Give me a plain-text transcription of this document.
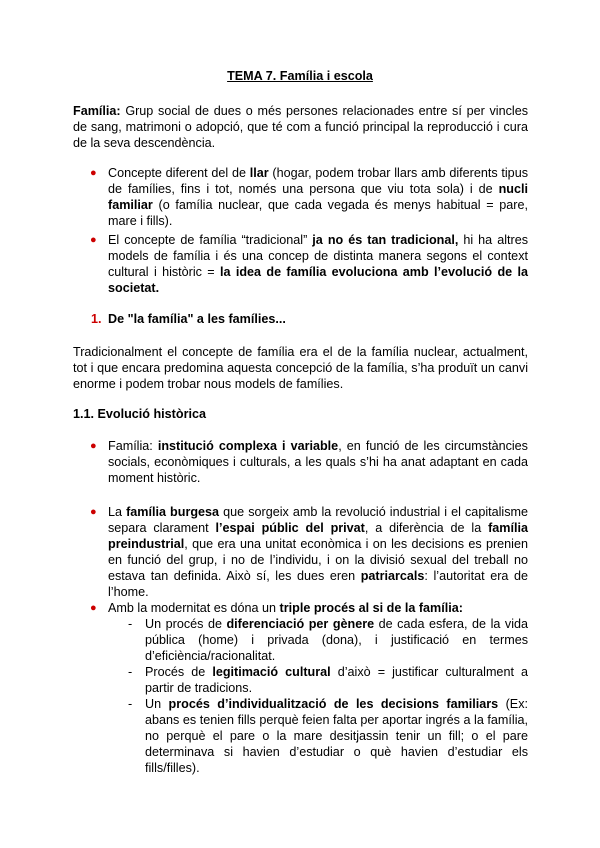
TEMA 7. Família i escola
Família: Grup social de dues o més persones relacionades entre sí per vincles de sang, matrimoni o adopció, que té com a funció principal la reproducció i cura de la seva descendència.
● Concepte diferent del de llar (hogar, podem trobar llars amb diferents tipus de famílies, fins i tot, només una persona que viu tota sola) i de nucli familiar (o família nuclear, que cada vegada és menys habitual = pare, mare i fills).
● El concepte de família “tradicional” ja no és tan tradicional, hi ha altres models de família i és una concep de distinta manera segons el context cultural i històric = la idea de família evoluciona amb l’evolució de la societat.
1. De "la família" a les famílies...
Tradicionalment el concepte de família era el de la família nuclear, actualment, tot i que encara predomina aquesta concepció de la família, s’ha produït un canvi enorme i podem trobar nous models de famílies.
1.1. Evolució històrica
● Família: institució complexa i variable, en funció de les circumstàncies socials, econòmiques i culturals, a les quals s’hi ha anat adaptant en cada moment històric.
● La família burgesa que sorgeix amb la revolució industrial i el capitalisme separa clarament l’espai públic del privat, a diferència de la família preindustrial, que era una unitat econòmica i on les decisions es prenien en funció del grup, i no de l’individu, i on la divisió sexual del treball no estava tan definida. Això sí, les dues eren patriarcals: l’autoritat era de l’home.
● Amb la modernitat es dóna un triple procés al si de la família:
- Un procés de diferenciació per gènere de cada esfera, de la vida pública (home) i privada (dona), i justificació en termes d’eficiència/racionalitat.
- Procés de legitimació cultural d’això = justificar culturalment a partir de tradicions.
- Un procés d’individualització de les decisions familiars (Ex: abans es tenien fills perquè feien falta per aportar ingrés a la família, no perquè el pare o la mare desitjassin tenir un fill; o el pare determinava si havien d’estudiar o què havien d’estudiar els fills/filles).
